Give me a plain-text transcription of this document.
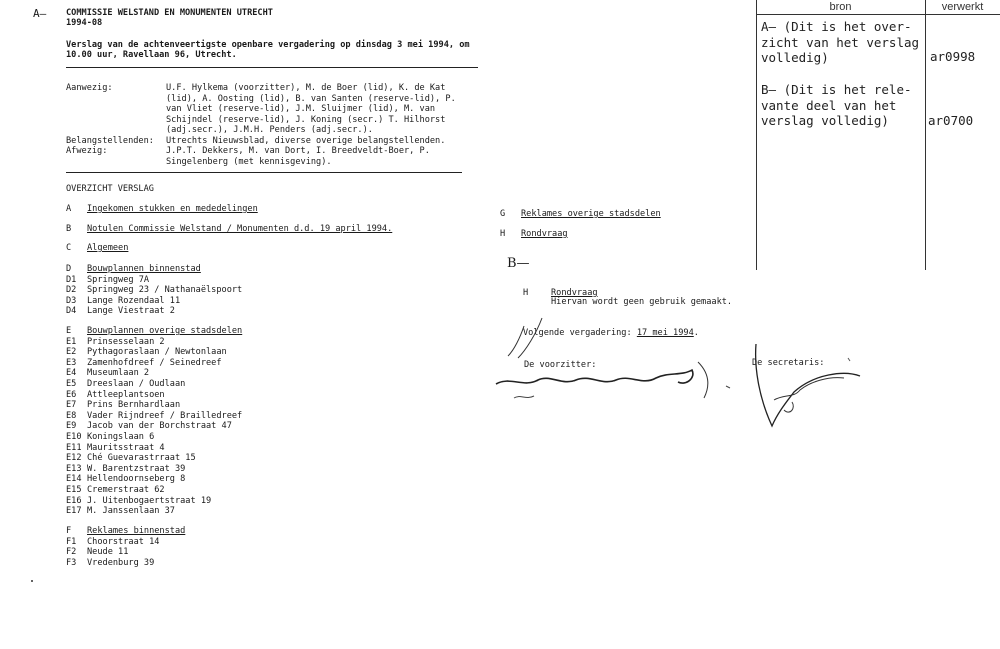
A— COMMISSIE WELSTAND EN MONUMENTEN UTRECHT
1994-08
Verslag van de achtenveertigste openbare vergadering op dinsdag 3 mei 1994, om
10.00 uur, Ravellaan 96, Utrecht.
Aanwezig:	U.F. Hylkema (voorzitter), M. de Boer (lid), K. de Kat
(lid), A. Oosting (lid), B. van Santen (reserve-lid), P.
van Vliet (reserve-lid), J.M. Sluijmer (lid), M. van
Schijndel (reserve-lid), J. Koning (secr.) T. Hilhorst
(adj.secr.), J.M.H. Penders (adj.secr.).
Belangstellenden: Utrechts Nieuwsblad, diverse overige belangstellenden.
Afwezig:	J.P.T. Dekkers, M. van Dort, I. Breedveldt-Boer, P.
Singelenberg (met kennisgeving).
OVERZICHT VERSLAG
A Ingekomen stukken en mededelingen
B Notulen Commissie Welstand / Monumenten d.d. 19 april 1994.
C Algemeen
D Bouwplannen binnenstad
D1 Springweg 7A
D2 Springweg 23 / Nathanaëlspoort
D3 Lange Rozendaal 11
D4 Lange Viestraat 2
E Bouwplannen overige stadsdelen
E1 Prinsesselaan 2
E2 Pythagoraslaan / Newtonlaan
E3 Zamenhofdreef / Seinedreef
E4 Museumlaan 2
E5 Dreeslaan / Oudlaan
E6 Attleeplantsoen
E7 Prins Bernhardlaan
E8 Vader Rijndreef / Brailledreef
E9 Jacob van der Borchstraat 47
E10 Koningslaan 6
E11 Mauritsstraat 4
E12 Ché Guevarastrraat 15
E13 W. Barentzstraat 39
E14 Hellendoornseberg 8
E15 Cremerstraat 62
E16 J. Uitenbogaertstraat 19
E17 M. Janssenlaan 37
F Reklames binnenstad
F1 Choorstraat 14
F2 Neude 11
F3 Vredenburg 39
G Reklames overige stadsdelen
H Rondvraag
B—
H	Rondvraag
Hiervan wordt geen gebruik gemaakt.
Volgende vergadering: 17 mei 1994.
De voorzitter:	De secretaris:
bron	verwerkt
A— (Dit is het over-
zicht van het verslag
volledig)	ar0998
B— (Dit is het rele-
vante deel van het
verslag volledig)	ar0700
